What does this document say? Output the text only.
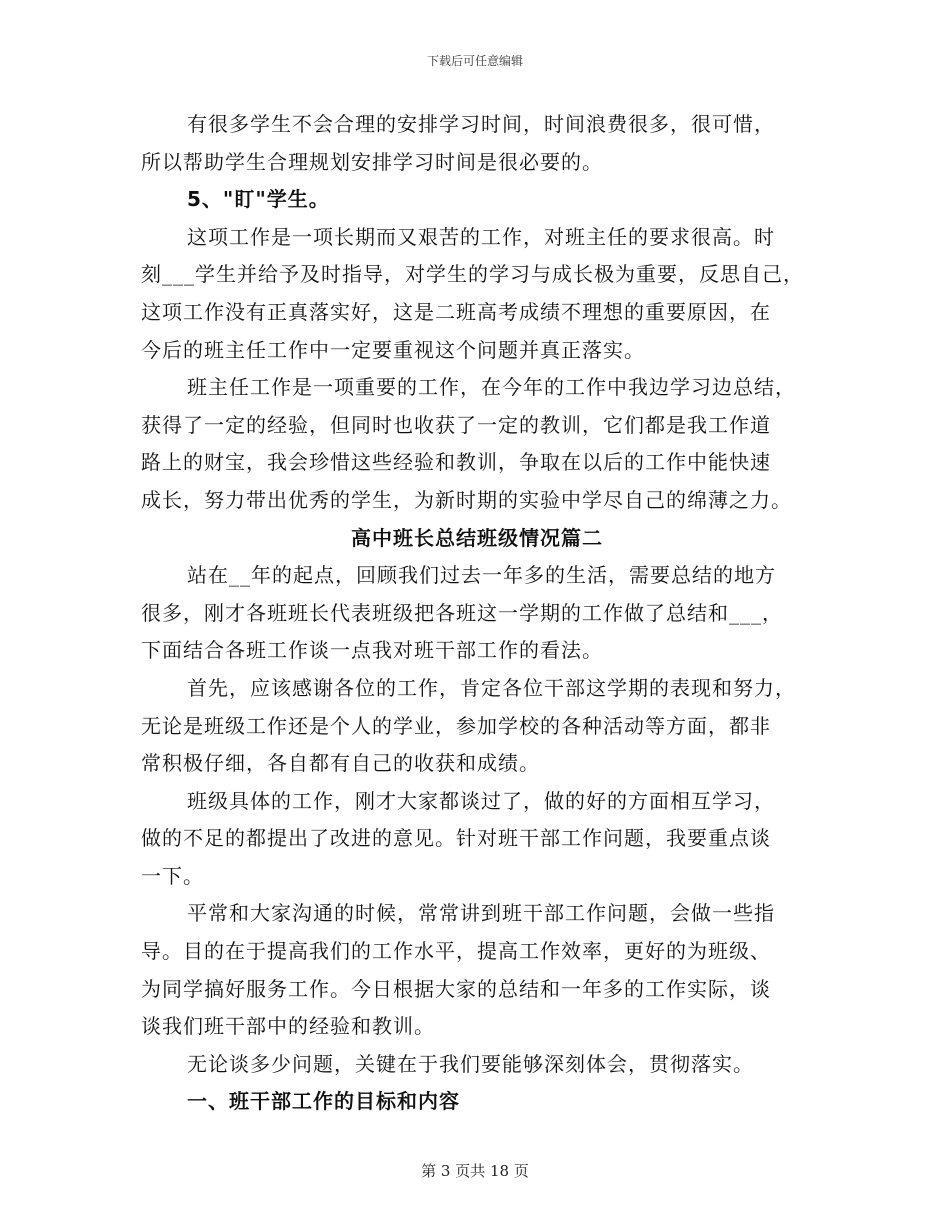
下载后可任意编辑
有很多学生不会合理的安排学习时间，时间浪费很多，很可惜，
所以帮助学生合理规划安排学习时间是很必要的。
5、"盯"学生。
这项工作是一项长期而又艰苦的工作，对班主任的要求很高。时
刻___学生并给予及时指导，对学生的学习与成长极为重要，反思自己，
这项工作没有正真落实好，这是二班高考成绩不理想的重要原因，在
今后的班主任工作中一定要重视这个问题并真正落实。
班主任工作是一项重要的工作，在今年的工作中我边学习边总结，
获得了一定的经验，但同时也收获了一定的教训，它们都是我工作道
路上的财宝，我会珍惜这些经验和教训，争取在以后的工作中能快速
成长，努力带出优秀的学生，为新时期的实验中学尽自己的绵薄之力。
高中班长总结班级情况篇二
站在__年的起点，回顾我们过去一年多的生活，需要总结的地方
很多，刚才各班班长代表班级把各班这一学期的工作做了总结和___，
下面结合各班工作谈一点我对班干部工作的看法。
首先，应该感谢各位的工作，肯定各位干部这学期的表现和努力，
无论是班级工作还是个人的学业，参加学校的各种活动等方面，都非
常积极仔细，各自都有自己的收获和成绩。
班级具体的工作，刚才大家都谈过了，做的好的方面相互学习，
做的不足的都提出了改进的意见。针对班干部工作问题，我要重点谈
一下。
平常和大家沟通的时候，常常讲到班干部工作问题，会做一些指
导。目的在于提高我们的工作水平，提高工作效率，更好的为班级、
为同学搞好服务工作。今日根据大家的总结和一年多的工作实际，谈
谈我们班干部中的经验和教训。
无论谈多少问题，关键在于我们要能够深刻体会，贯彻落实。
一、班干部工作的目标和内容
第 3 页共 18 页
